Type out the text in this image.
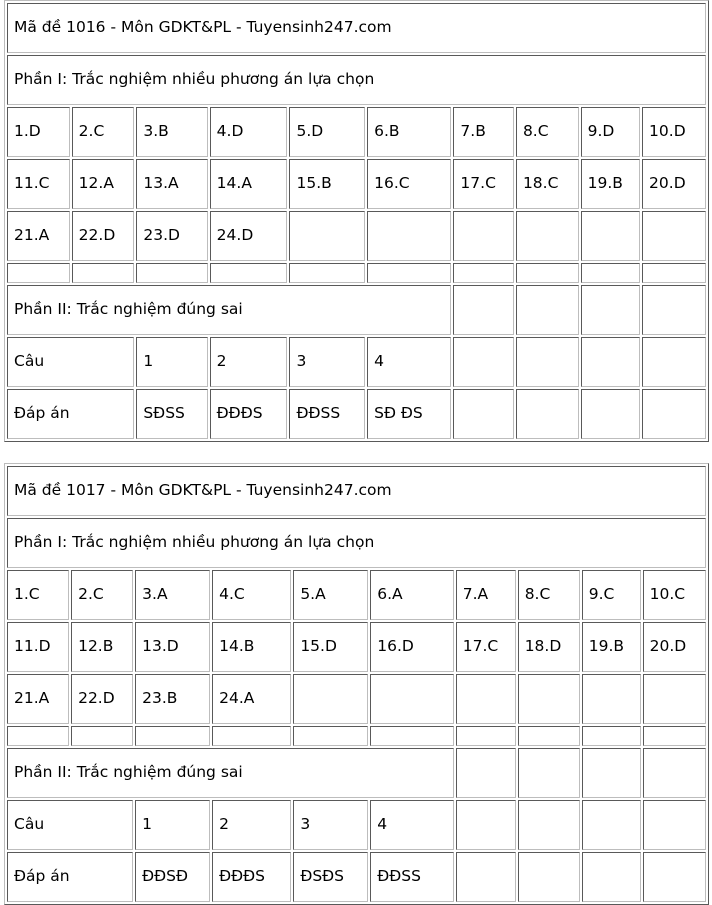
Mã đề 1016 - Môn GDKT&PL - Tuyensinh247.com									
Phần I: Trắc nghiệm nhiều phương án lựa chọn									
1.D	2.C	3.B	4.D	5.D	6.B	7.B	8.C	9.D	10.D
11.C	12.A	13.A	14.A	15.B	16.C	17.C	18.C	19.B	20.D
21.A	22.D	23.D	24.D						

Phần II: Trắc nghiệm đúng sai									
Câu		1	2	3	4				
Đáp án		SĐSS	ĐĐĐS	ĐĐSS	SĐ ĐS				
Mã đề 1017 - Môn GDKT&PL - Tuyensinh247.com									
Phần I: Trắc nghiệm nhiều phương án lựa chọn									
1.C	2.C	3.A	4.C	5.A	6.A	7.A	8.C	9.C	10.C
11.D	12.B	13.D	14.B	15.D	16.D	17.C	18.D	19.B	20.D
21.A	22.D	23.B	24.A						

Phần II: Trắc nghiệm đúng sai									
Câu		1	2	3	4				
Đáp án		ĐĐSĐ	ĐĐĐS	ĐSĐS	ĐĐSS				
